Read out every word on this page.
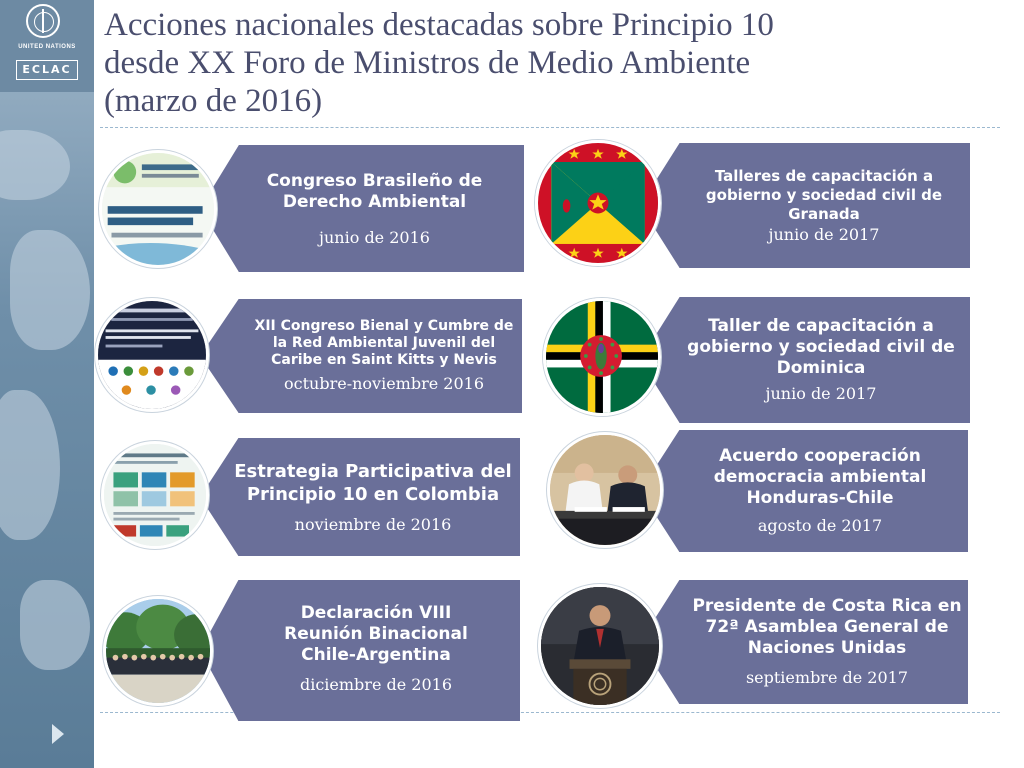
UNITED NATIONS
ECLAC
Acciones nacionales destacadas sobre Principio 10
desde XX Foro de Ministros de Medio Ambiente
(marzo de 2016)
Congreso Brasileño de Derecho Ambiental
junio de 2016
XII Congreso Bienal y Cumbre de la Red Ambiental Juvenil del Caribe en Saint Kitts y Nevis
octubre-noviembre 2016
Estrategia Participativa del Principio 10 en Colombia
noviembre de 2016
Declaración VIII Reunión Binacional Chile-Argentina
diciembre de 2016
Talleres de capacitación a gobierno y sociedad civil de Granada
junio de 2017
Taller de capacitación a gobierno y sociedad civil de Dominica
junio de 2017
Acuerdo cooperación democracia ambiental Honduras-Chile
agosto de 2017
Presidente de Costa Rica en 72ª Asamblea General de Naciones Unidas
septiembre de 2017
